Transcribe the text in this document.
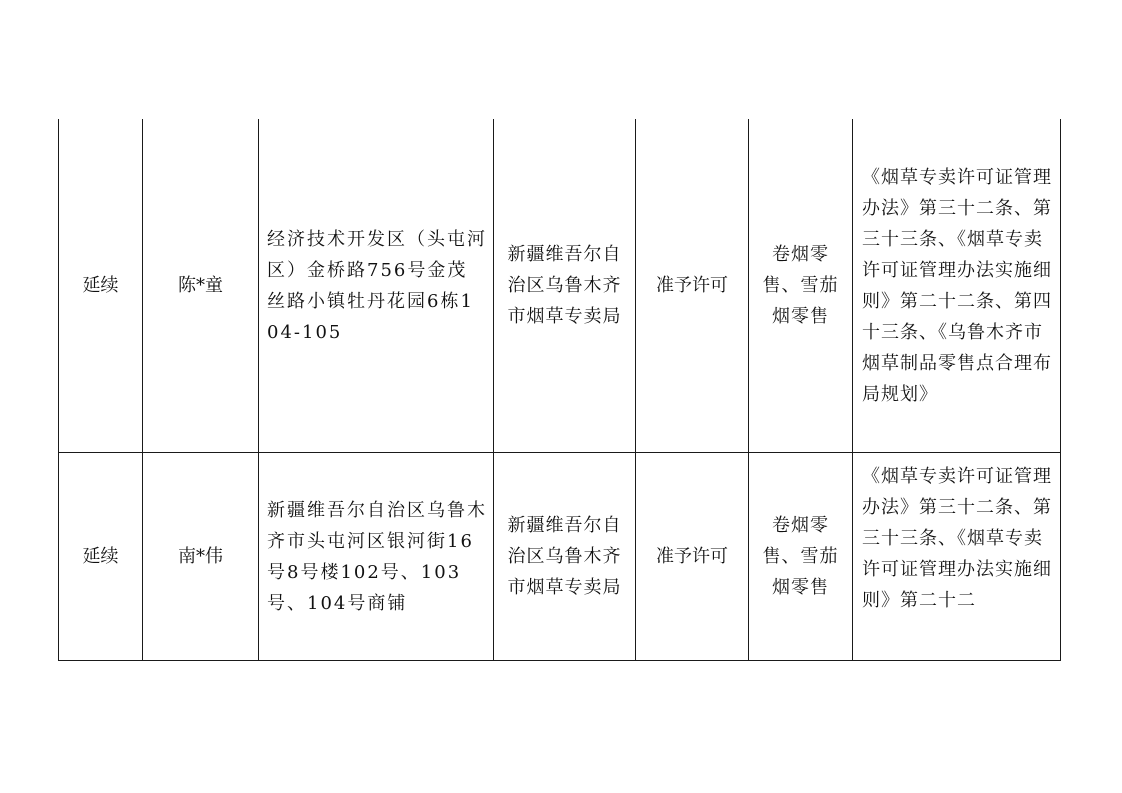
延续	陈*童	经济技术开发区（头屯河区）金桥路756号金茂丝路小镇牡丹花园6栋104-105	新疆维吾尔自治区乌鲁木齐市烟草专卖局	准予许可	卷烟零售、雪茄烟零售	《烟草专卖许可证管理办法》第三十二条、第三十三条、《烟草专卖许可证管理办法实施细则》第二十二条、第四十三条、《乌鲁木齐市烟草制品零售点合理布局规划》
延续	南*伟	新疆维吾尔自治区乌鲁木齐市头屯河区银河街16号8号楼102号、103号、104号商铺	新疆维吾尔自治区乌鲁木齐市烟草专卖局	准予许可	卷烟零售、雪茄烟零售	《烟草专卖许可证管理办法》第三十二条、第三十三条、《烟草专卖许可证管理办法实施细则》第二十二
